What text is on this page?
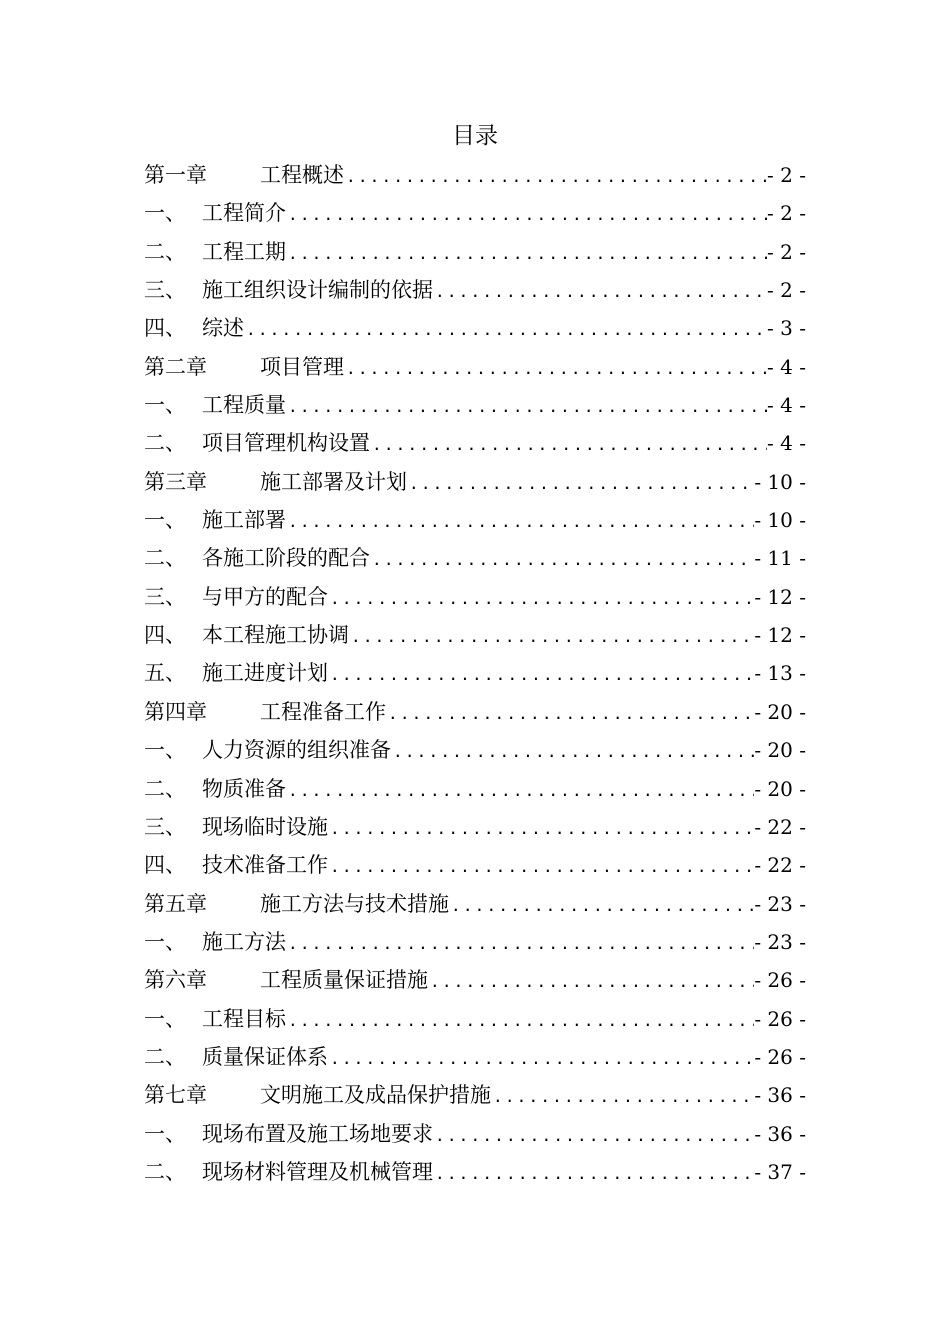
目录
第一章	工程概述 .....	- 2 -
一、 工程简介 .....	- 2 -
二、 工程工期 .....	- 2 -
三、 施工组织设计编制的依据 .....	- 2 -
四、 综述 .....	- 3 -
第二章	项目管理 .....	- 4 -
一、 工程质量 .....	- 4 -
二、 项目管理机构设置 .....	- 4 -
第三章	施工部署及计划 .....	- 10 -
一、 施工部署 .....	- 10 -
二、 各施工阶段的配合 .....	- 11 -
三、 与甲方的配合 .....	- 12 -
四、 本工程施工协调 .....	- 12 -
五、 施工进度计划 .....	- 13 -
第四章	工程准备工作 .....	- 20 -
一、 人力资源的组织准备 .....	- 20 -
二、 物质准备 .....	- 20 -
三、 现场临时设施 .....	- 22 -
四、 技术准备工作 .....	- 22 -
第五章	施工方法与技术措施 .....	- 23 -
一、 施工方法 .....	- 23 -
第六章	工程质量保证措施 .....	- 26 -
一、 工程目标 .....	- 26 -
二、 质量保证体系 .....	- 26 -
第七章	文明施工及成品保护措施 .....	- 36 -
一、 现场布置及施工场地要求 .....	- 36 -
二、 现场材料管理及机械管理 .....	- 37 -
